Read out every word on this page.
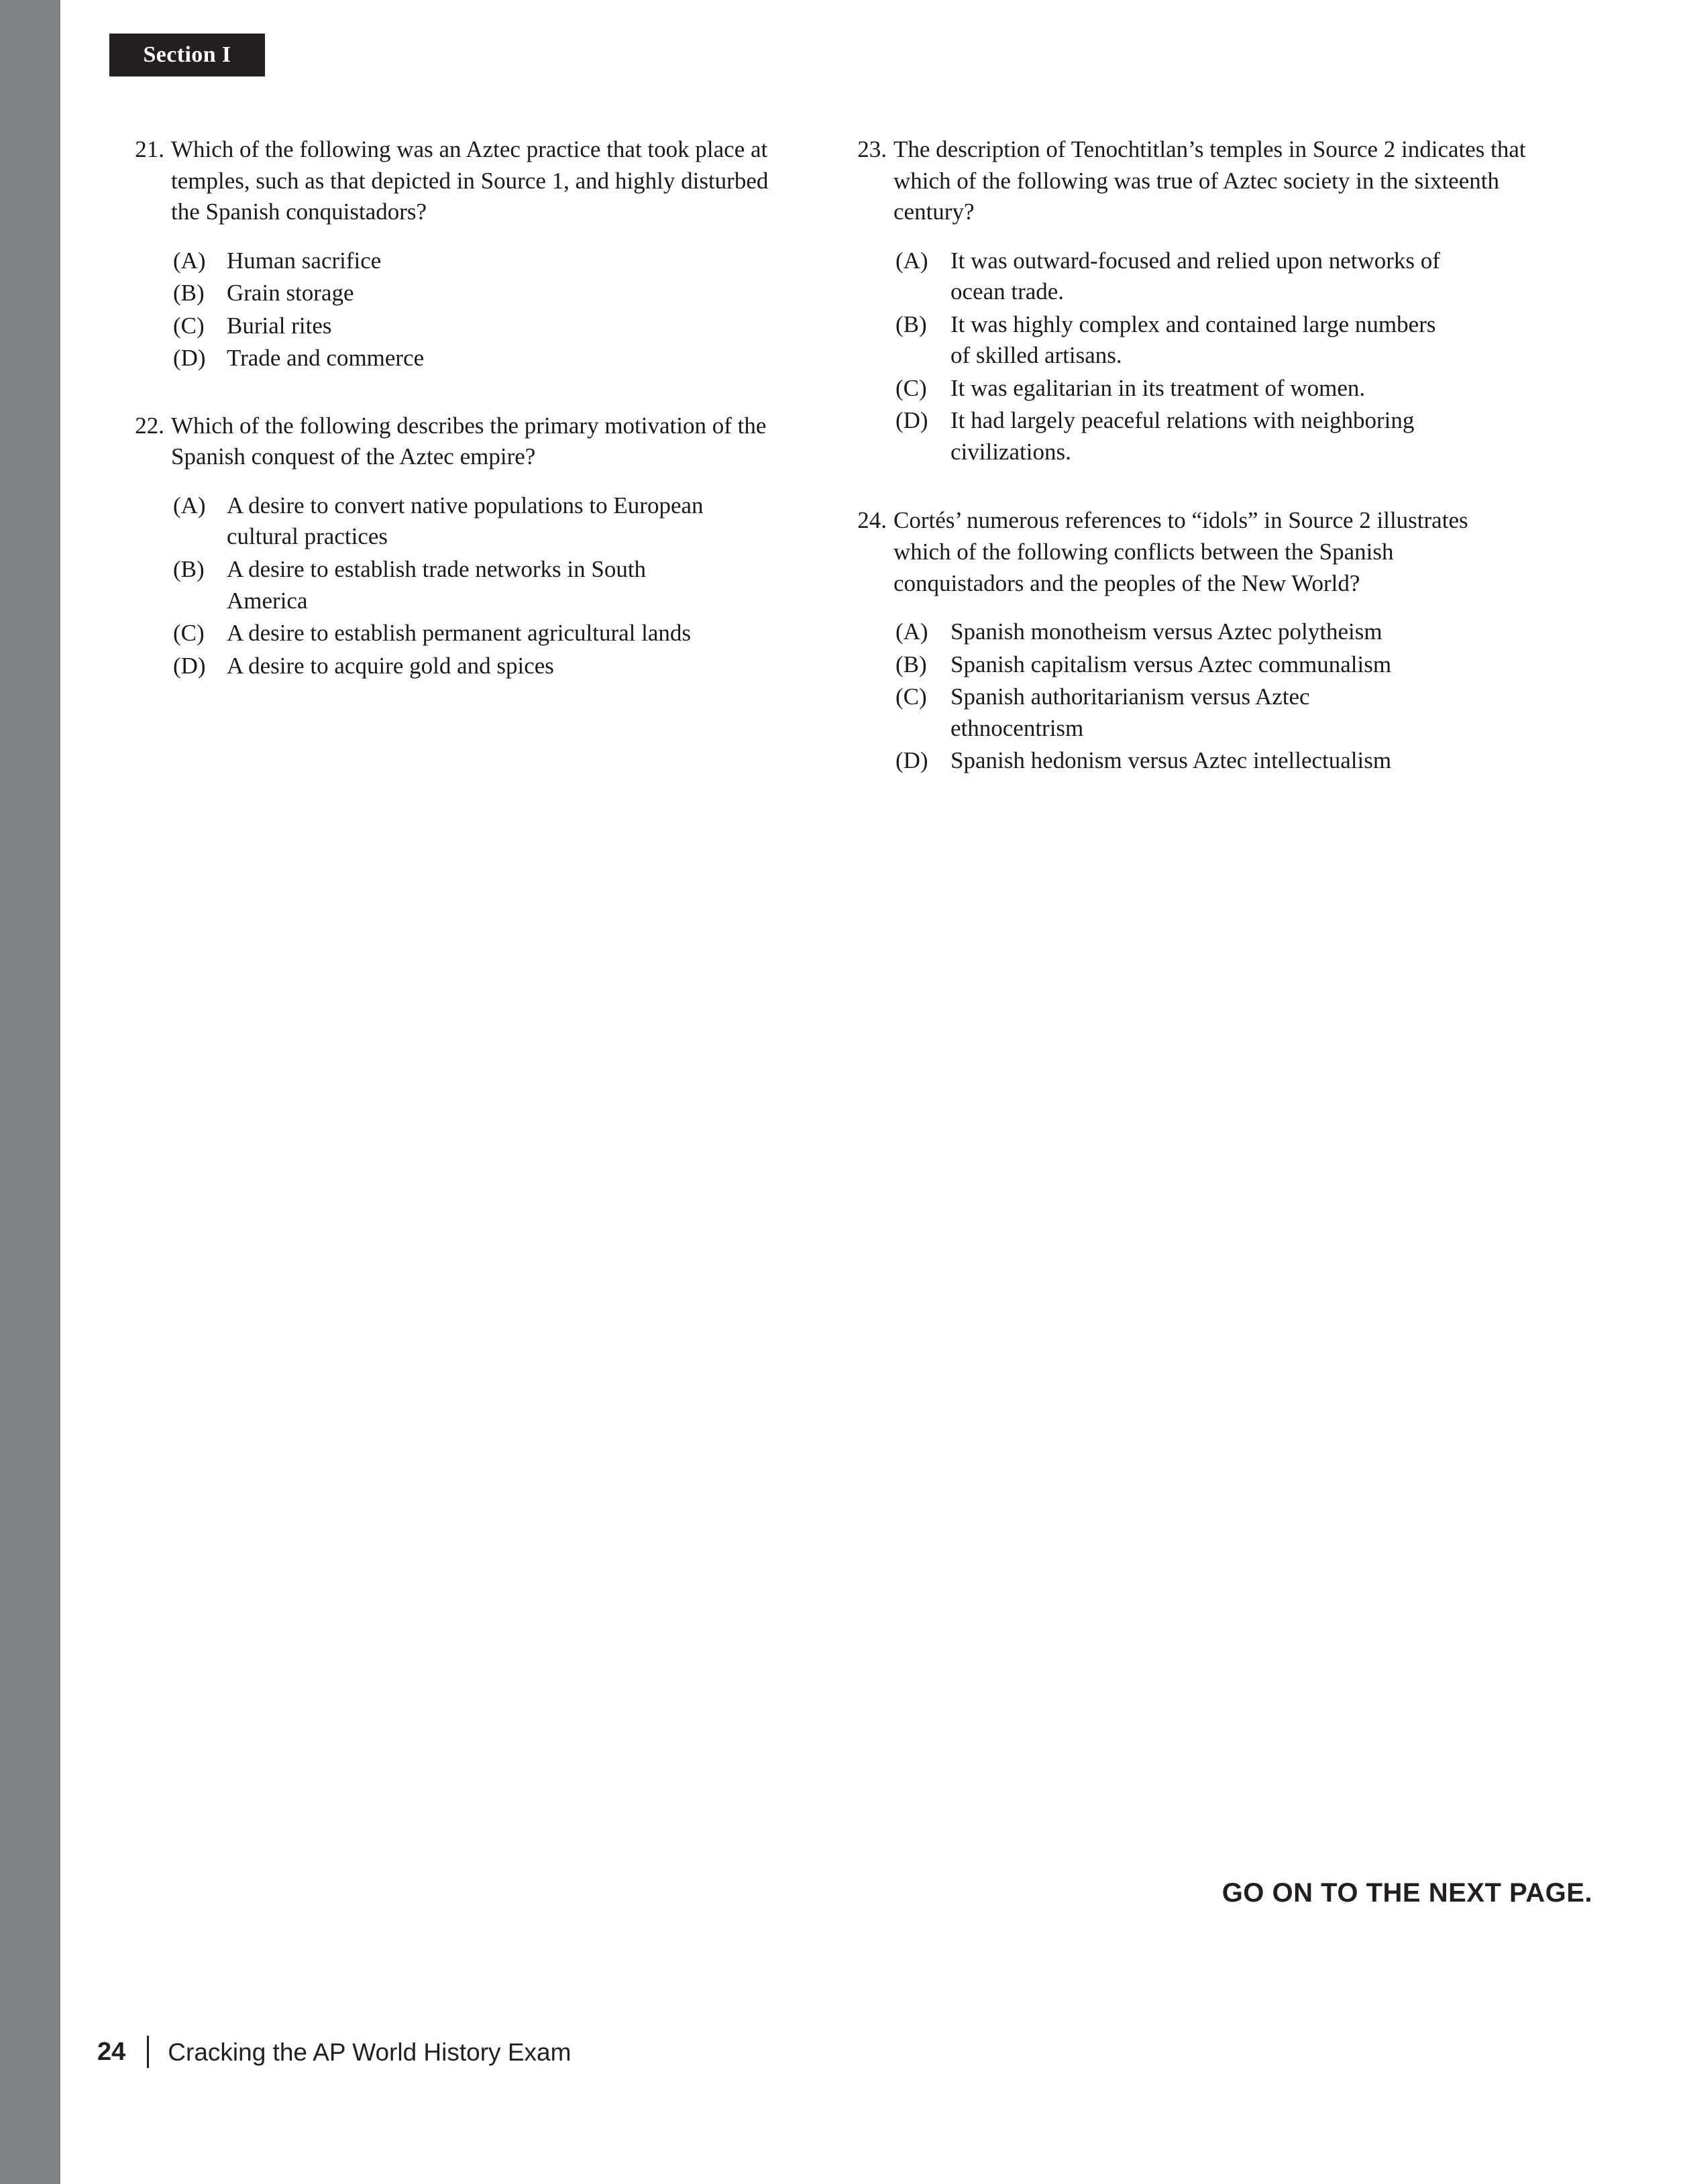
Section I
21. Which of the following was an Aztec practice that took place at temples, such as that depicted in Source 1, and highly disturbed the Spanish conquistadors?
(A) Human sacrifice
(B) Grain storage
(C) Burial rites
(D) Trade and commerce
22. Which of the following describes the primary motivation of the Spanish conquest of the Aztec empire?
(A) A desire to convert native populations to European
cultural practices
(B) A desire to establish trade networks in South
America
(C) A desire to establish permanent agricultural lands
(D) A desire to acquire gold and spices
23. The description of Tenochtitlan’s temples in Source 2 indicates that which of the following was true of Aztec society in the sixteenth century?
(A) It was outward-focused and relied upon networks of
ocean trade.
(B)	It was highly complex and contained large numbers
of skilled artisans.
(C)	It was egalitarian in its treatment of women.
(D) It had largely peaceful relations with neighboring
civilizations.
24. Cortés’ numerous references to “idols” in Source 2 illustrates which of the following conflicts between the Spanish conquistadors and the peoples of the New World?
(A) Spanish monotheism versus Aztec polytheism
(B)	Spanish capitalism versus Aztec communalism
(C)	Spanish authoritarianism versus Aztec
ethnocentrism
(D) Spanish hedonism versus Aztec intellectualism
GO ON TO THE NEXT PAGE.
24 Cracking the AP World History Exam
